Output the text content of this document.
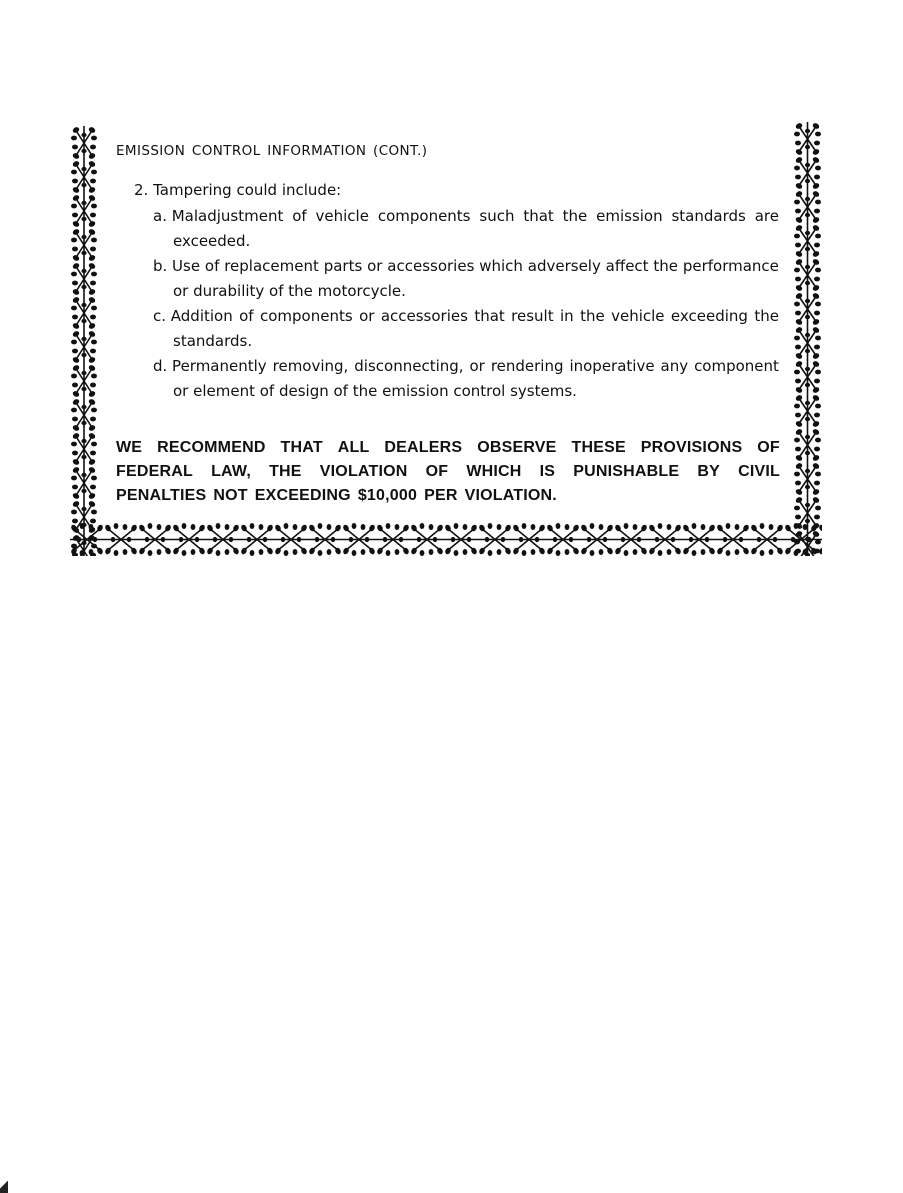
EMISSION CONTROL INFORMATION (CONT.)
2. Tampering could include:
a. Maladjustment of vehicle components such that the emission standards are
exceeded.
b. Use of replacement parts or accessories which adversely affect the performance
or durability of the motorcycle.
c. Addition of components or accessories that result in the vehicle exceeding the
standards.
d. Permanently removing, disconnecting, or rendering inoperative any component
or element of design of the emission control systems.
WE RECOMMEND THAT ALL DEALERS OBSERVE THESE PROVISIONS OF
FEDERAL LAW, THE VIOLATION OF WHICH IS PUNISHABLE BY CIVIL
PENALTIES NOT EXCEEDING $10,000 PER VIOLATION.
